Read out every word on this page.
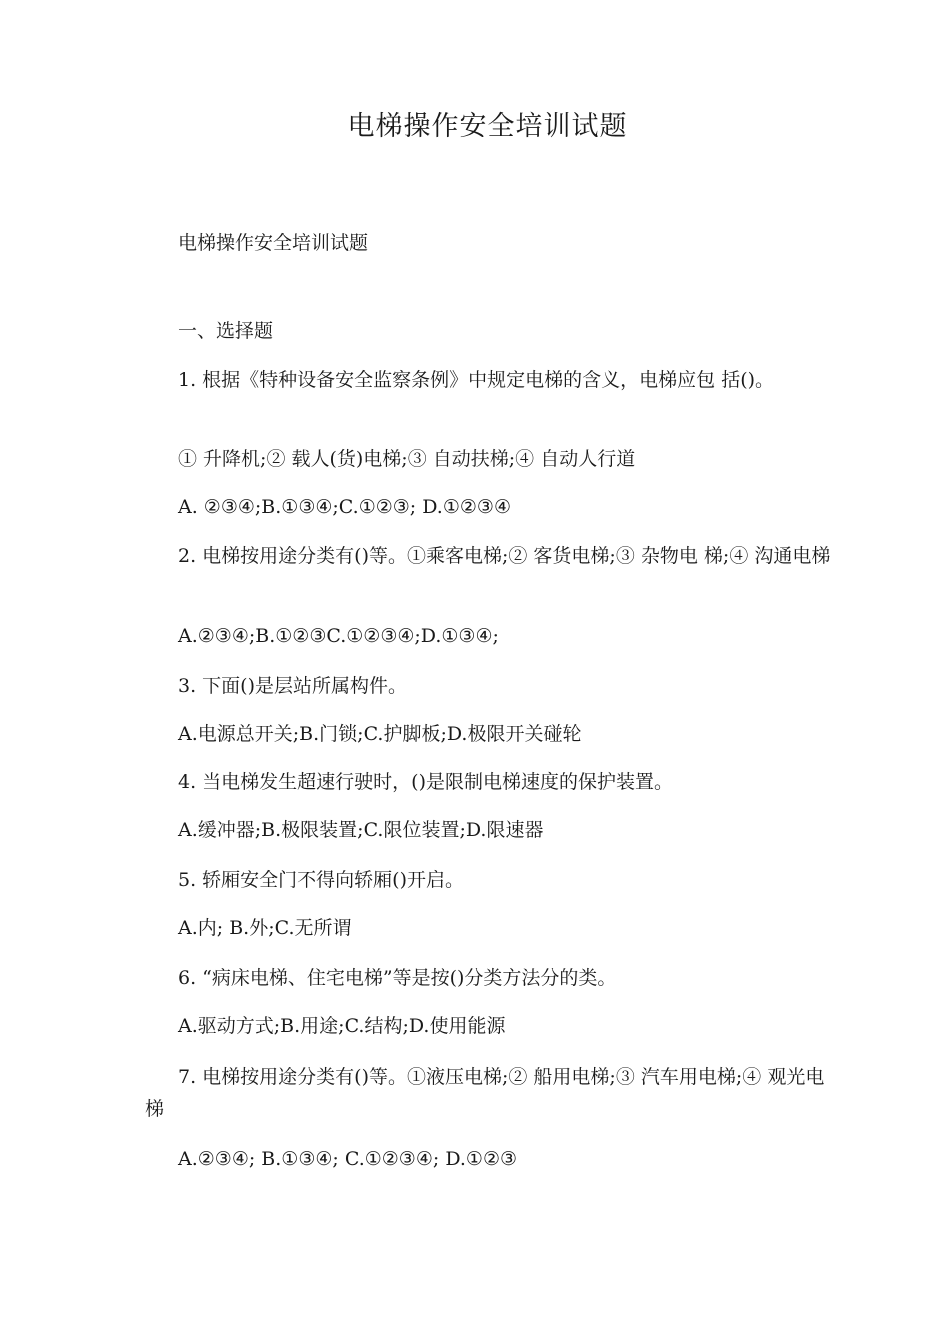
电梯操作安全培训试题
电梯操作安全培训试题
一、选择题
1. 根据《特种设备安全监察条例》中规定电梯的含义，电梯应包 括()。
① 升降机;② 载人(货)电梯;③ 自动扶梯;④ 自动人行道
A. ②③④;B.①③④;C.①②③; D.①②③④
2. 电梯按用途分类有()等。①乘客电梯;② 客货电梯;③ 杂物电 梯;④ 沟通电梯
A.②③④;B.①②③C.①②③④;D.①③④;
3. 下面()是层站所属构件。
A.电源总开关;B.门锁;C.护脚板;D.极限开关碰轮
4. 当电梯发生超速行驶时，()是限制电梯速度的保护装置。
A.缓冲器;B.极限装置;C.限位装置;D.限速器
5. 轿厢安全门不得向轿厢()开启。
A.内; B.外;C.无所谓
6. “病床电梯、住宅电梯”等是按()分类方法分的类。
A.驱动方式;B.用途;C.结构;D.使用能源
7. 电梯按用途分类有()等。①液压电梯;② 船用电梯;③ 汽车用电梯;④ 观光电梯
A.②③④; B.①③④; C.①②③④; D.①②③
